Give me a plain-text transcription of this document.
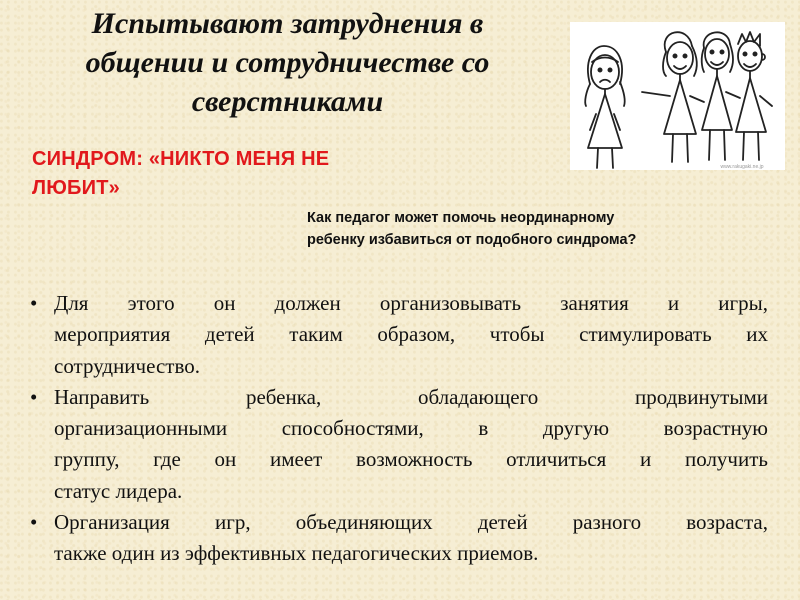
Испытывают затруднения в
общении и сотрудничестве со
сверстниками
www.rakugaki.ne.jp
СИНДРОМ: «НИКТО МЕНЯ НЕ
ЛЮБИТ»
Как педагог может помочь неординарному
ребенку избавиться от подобного синдрома?
• Для этого он должен организовывать занятия и игры,
мероприятия детей таким образом, чтобы стимулировать их
сотрудничество.
• Направить ребенка, обладающего продвинутыми
организационными способностями, в другую возрастную
группу, где он имеет возможность отличиться и получить
статус лидера.
• Организация игр, объединяющих детей разного возраста,
также один из эффективных педагогических приемов.
